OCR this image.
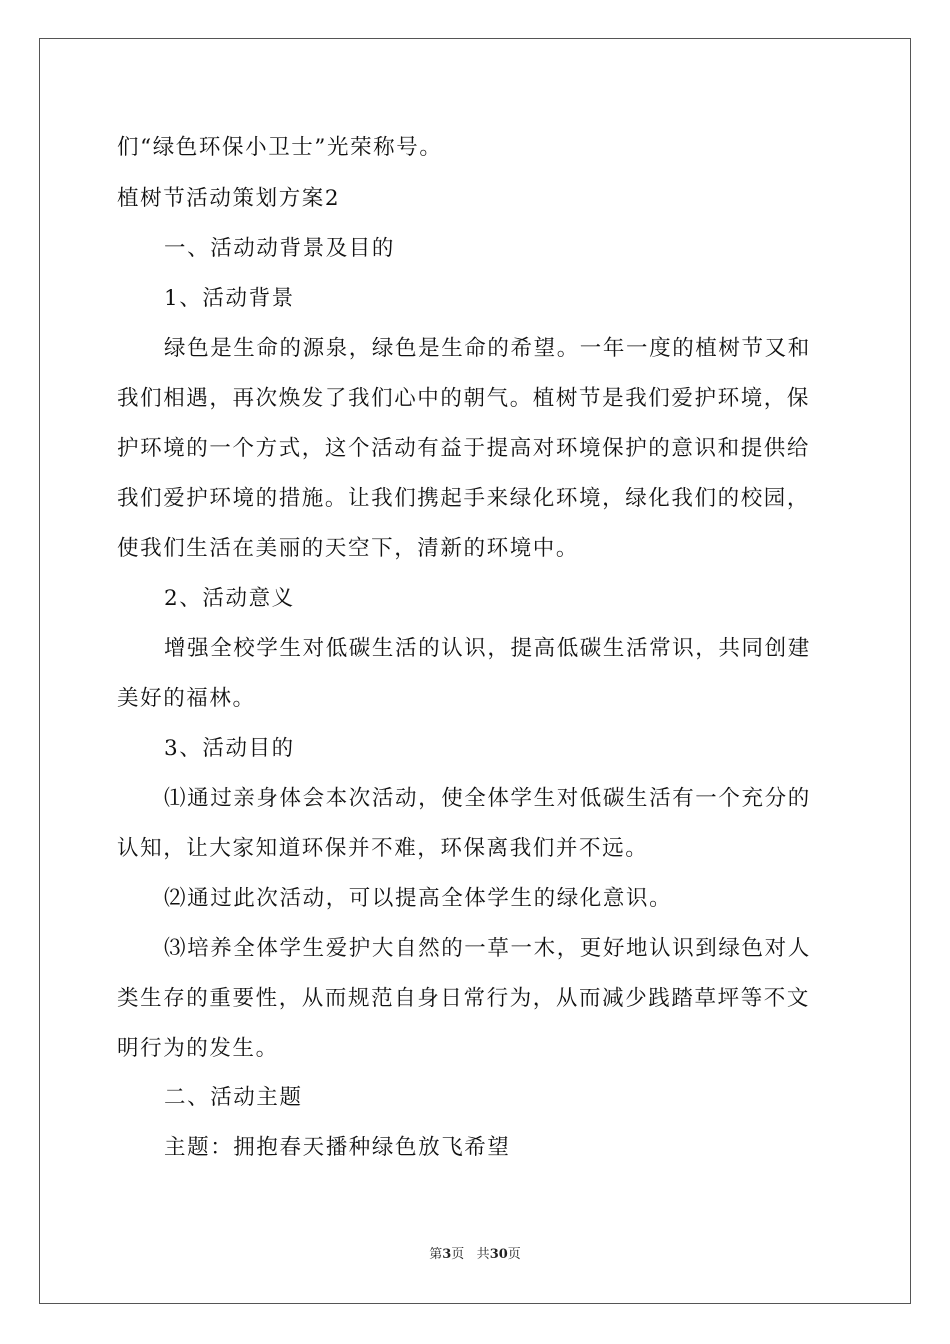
们“绿色环保小卫士”光荣称号。
植树节活动策划方案2
一、活动动背景及目的
1、活动背景
绿色是生命的源泉，绿色是生命的希望。一年一度的植树节又和
我们相遇，再次焕发了我们心中的朝气。植树节是我们爱护环境，保
护环境的一个方式，这个活动有益于提高对环境保护的意识和提供给
我们爱护环境的措施。让我们携起手来绿化环境，绿化我们的校园，
使我们生活在美丽的天空下，清新的环境中。
2、活动意义
增强全校学生对低碳生活的认识，提高低碳生活常识，共同创建
美好的福林。
3、活动目的
⑴通过亲身体会本次活动，使全体学生对低碳生活有一个充分的
认知，让大家知道环保并不难，环保离我们并不远。
⑵通过此次活动，可以提高全体学生的绿化意识。
⑶培养全体学生爱护大自然的一草一木，更好地认识到绿色对人
类生存的重要性，从而规范自身日常行为，从而减少践踏草坪等不文
明行为的发生。
二、活动主题
主题：拥抱春天播种绿色放飞希望
第3页 共30页
